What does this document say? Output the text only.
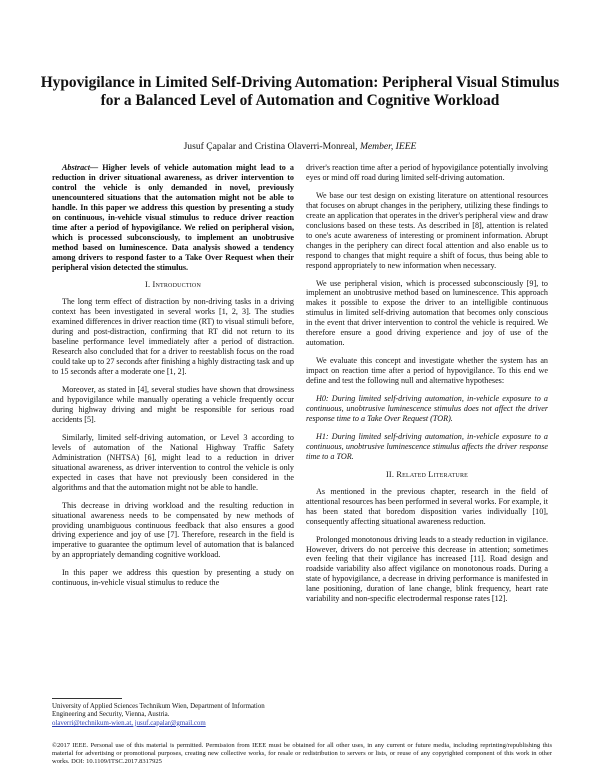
Hypovigilance in Limited Self-Driving Automation: Peripheral Visual Stimulus for a Balanced Level of Automation and Cognitive Workload
Jusuf Çapalar and Cristina Olaverri-Monreal, Member, IEEE

Abstract— Higher levels of vehicle automation might lead to a reduction in driver situational awareness, as driver intervention to control the vehicle is only demanded in novel, previously unencountered situations that the automation might not be able to handle. In this paper we address this question by presenting a study on continuous, in-vehicle visual stimulus to reduce driver reaction time after a period of hypovigilance. We relied on peripheral vision, which is processed subconsciously, to implement an unobtrusive method based on luminescence. Data analysis showed a tendency among drivers to respond faster to a Take Over Request when their peripheral vision detected the stimulus.

I. Introduction

The long term effect of distraction by non-driving tasks in a driving context has been investigated in several works [1, 2, 3]. The studies examined differences in driver reaction time (RT) to visual stimuli before, during and post-distraction, confirming that RT did not return to its baseline performance level immediately after a period of distraction. Research also concluded that for a driver to reestablish focus on the road could take up to 27 seconds after finishing a highly distracting task and up to 15 seconds after a moderate one [1, 2].

Moreover, as stated in [4], several studies have shown that drowsiness and hypovigilance while manually operating a vehicle frequently occur during highway driving and might be responsible for serious road accidents [5].

Similarly, limited self-driving automation, or Level 3 according to levels of automation of the National Highway Traffic Safety Administration (NHTSA) [6], might lead to a reduction in driver situational awareness, as driver intervention to control the vehicle is only expected in cases that have not previously been considered in the algorithms and that the automation might not be able to handle.

This decrease in driving workload and the resulting reduction in situational awareness needs to be compensated by new methods of providing unambiguous continuous feedback that also ensures a good driving experience and joy of use [7]. Therefore, research in the field is imperative to guarantee the optimum level of automation that is balanced by an appropriately demanding cognitive workload.

In this paper we address this question by presenting a study on continuous, in-vehicle visual stimulus to reduce the

driver's reaction time after a period of hypovigilance potentially involving eyes or mind off road during limited self-driving automation.

We base our test design on existing literature on attentional resources that focuses on abrupt changes in the periphery, utilizing these findings to create an application that operates in the driver's peripheral view and draw conclusions based on these tests. As described in [8], attention is related to one's acute awareness of interesting or prominent information. Abrupt changes in the periphery can direct focal attention and also enable us to respond to changes that might require a shift of focus, thus being able to respond appropriately to new information when necessary.

We use peripheral vision, which is processed subconsciously [9], to implement an unobtrusive method based on luminescence. This approach makes it possible to expose the driver to an intelligible continuous stimulus in limited self-driving automation that becomes only conscious in the event that driver intervention to control the vehicle is required. We therefore ensure a good driving experience and joy of use of the automation.

We evaluate this concept and investigate whether the system has an impact on reaction time after a period of hypovigilance. To this end we define and test the following null and alternative hypotheses:

H0: During limited self-driving automation, in-vehicle exposure to a continuous, unobtrusive luminescence stimulus does not affect the driver response time to a Take Over Request (TOR).

H1: During limited self-driving automation, in-vehicle exposure to a continuous, unobtrusive luminescence stimulus affects the driver response time to a TOR.

II. Related Literature

As mentioned in the previous chapter, research in the field of attentional resources has been performed in several works. For example, it has been stated that boredom disposition varies individually [10], consequently affecting situational awareness reduction.

Prolonged monotonous driving leads to a steady reduction in vigilance. However, drivers do not perceive this decrease in attention; sometimes even feeling that their vigilance has increased [11]. Road design and roadside variability also affect vigilance on monotonous roads. During a state of hypovigilance, a decrease in driving performance is manifested in lane positioning, duration of lane change, blink frequency, heart rate variability and non-specific electrodermal response rates [12].

University of Applied Sciences Technikum Wien, Department of Information Engineering and Security, Vienna, Austria.
olaverri@technikum-wien.at, jusuf.capalar@gmail.com
©2017 IEEE. Personal use of this material is permitted. Permission from IEEE must be obtained for all other uses, in any current or future media, including reprinting/republishing this material for advertising or promotional purposes, creating new collective works, for resale or redistribution to servers or lists, or reuse of any copyrighted component of this work in other works. DOI: 10.1109/ITSC.2017.8317925
